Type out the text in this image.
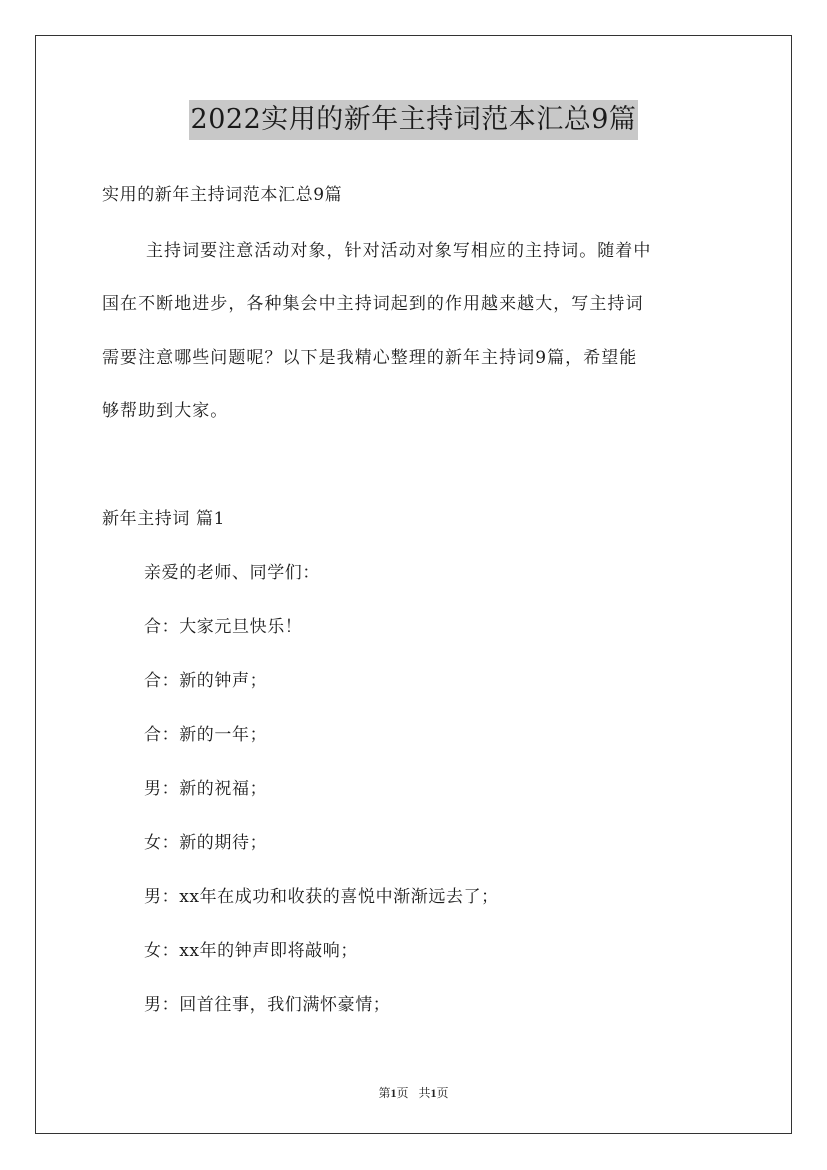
2022实用的新年主持词范本汇总9篇
实用的新年主持词范本汇总9篇
主持词要注意活动对象，针对活动对象写相应的主持词。随着中
国在不断地进步，各种集会中主持词起到的作用越来越大，写主持词
需要注意哪些问题呢？以下是我精心整理的新年主持词9篇，希望能
够帮助到大家。
新年主持词 篇1
亲爱的老师、同学们：
合：大家元旦快乐！
合：新的钟声；
合：新的一年；
男：新的祝福；
女：新的期待；
男：xx年在成功和收获的喜悦中渐渐远去了；
女：xx年的钟声即将敲响；
男：回首往事，我们满怀豪情；
第1页 共1页
